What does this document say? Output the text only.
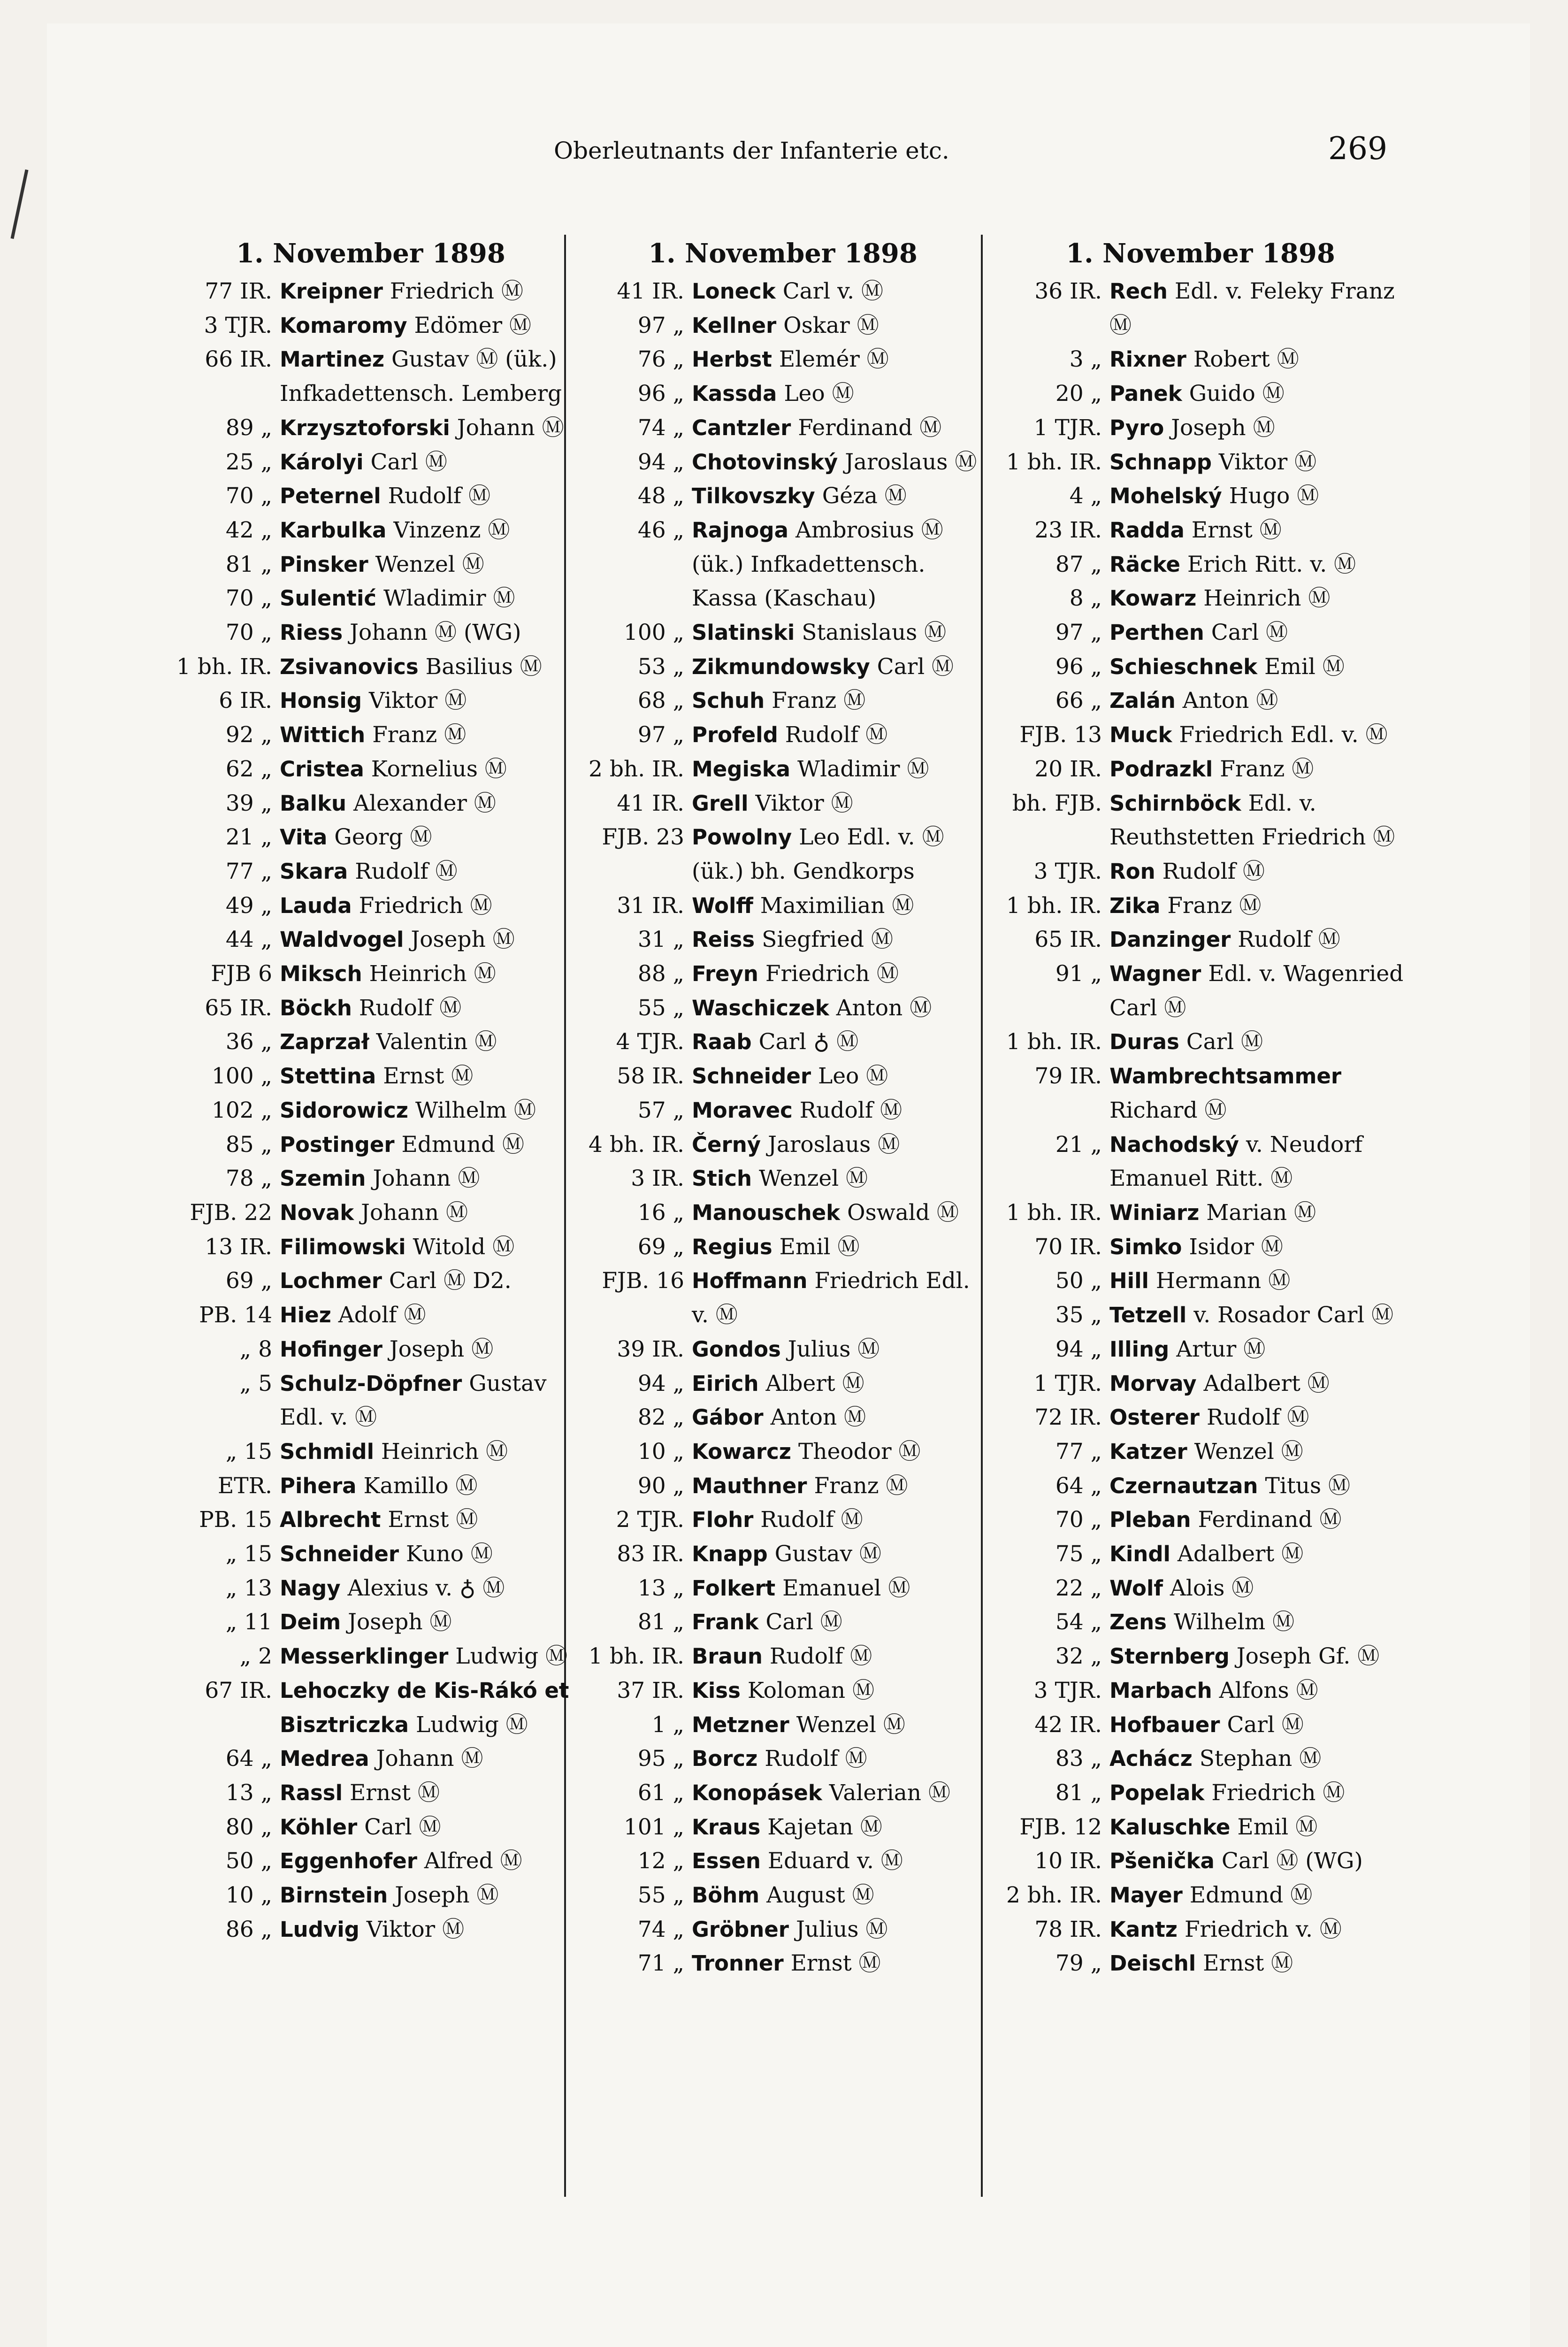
Oberleutnants der Infanterie etc.	269
1. November 1898
77 IR. Kreipner Friedrich Ⓜ
3 TJR. Komaromy Edömer Ⓜ
66 IR. Martinez Gustav Ⓜ (ük.) Infkadettensch. Lemberg
89 „ Krzysztoforski Johann Ⓜ
25 „ Károlyi Carl Ⓜ
70 „ Peternel Rudolf Ⓜ
42 „ Karbulka Vinzenz Ⓜ
81 „ Pinsker Wenzel Ⓜ
70 „ Sulentić Wladimir Ⓜ
70 „ Riess Johann Ⓜ (WG)
1 bh. IR. Zsivanovics Basilius Ⓜ
6 IR. Honsig Viktor Ⓜ
92 „ Wittich Franz Ⓜ
62 „ Cristea Kornelius Ⓜ
39 „ Balku Alexander Ⓜ
21 „ Vita Georg Ⓜ
77 „ Skara Rudolf Ⓜ
49 „ Lauda Friedrich Ⓜ
44 „ Waldvogel Joseph Ⓜ
FJB 6 Miksch Heinrich Ⓜ
65 IR. Böckh Rudolf Ⓜ
36 „ Zaprzał Valentin Ⓜ
100 „ Stettina Ernst Ⓜ
102 „ Sidorowicz Wilhelm Ⓜ
85 „ Postinger Edmund Ⓜ
78 „ Szemin Johann Ⓜ
FJB. 22 Novak Johann Ⓜ
13 IR. Filimowski Witold Ⓜ
69 „ Lochmer Carl Ⓜ D2.
PB. 14 Hiez Adolf Ⓜ
„ 8 Hofinger Joseph Ⓜ
„ 5 Schulz-Döpfner Gustav Edl. v. Ⓜ
„ 15 Schmidl Heinrich Ⓜ
ETR. Pihera Kamillo Ⓜ
PB. 15 Albrecht Ernst Ⓜ
„ 15 Schneider Kuno Ⓜ
„ 13 Nagy Alexius v. ♁ Ⓜ
„ 11 Deim Joseph Ⓜ
„ 2 Messerklinger Ludwig Ⓜ
67 IR. Lehoczky de Kis-Rákó et Bisztriczka Ludwig Ⓜ
64 „ Medrea Johann Ⓜ
13 „ Rassl Ernst Ⓜ
80 „ Köhler Carl Ⓜ
50 „ Eggenhofer Alfred Ⓜ
10 „ Birnstein Joseph Ⓜ
86 „ Ludvig Viktor Ⓜ
1. November 1898
41 IR. Loneck Carl v. Ⓜ
97 „ Kellner Oskar Ⓜ
76 „ Herbst Elemér Ⓜ
96 „ Kassda Leo Ⓜ
74 „ Cantzler Ferdinand Ⓜ
94 „ Chotovinský Jaroslaus Ⓜ
48 „ Tilkovszky Géza Ⓜ
46 „ Rajnoga Ambrosius Ⓜ (ük.) Infkadettensch. Kassa (Kaschau)
100 „ Slatinski Stanislaus Ⓜ
53 „ Zikmundowsky Carl Ⓜ
68 „ Schuh Franz Ⓜ
97 „ Profeld Rudolf Ⓜ
2 bh. IR. Megiska Wladimir Ⓜ
41 IR. Grell Viktor Ⓜ
FJB. 23 Powolny Leo Edl. v. Ⓜ (ük.) bh. Gendkorps
31 IR. Wolff Maximilian Ⓜ
31 „ Reiss Siegfried Ⓜ
88 „ Freyn Friedrich Ⓜ
55 „ Waschiczek Anton Ⓜ
4 TJR. Raab Carl ♁ Ⓜ
58 IR. Schneider Leo Ⓜ
57 „ Moravec Rudolf Ⓜ
4 bh. IR. Černý Jaroslaus Ⓜ
3 IR. Stich Wenzel Ⓜ
16 „ Manouschek Oswald Ⓜ
69 „ Regius Emil Ⓜ
FJB. 16 Hoffmann Friedrich Edl. v. Ⓜ
39 IR. Gondos Julius Ⓜ
94 „ Eirich Albert Ⓜ
82 „ Gábor Anton Ⓜ
10 „ Kowarcz Theodor Ⓜ
90 „ Mauthner Franz Ⓜ
2 TJR. Flohr Rudolf Ⓜ
83 IR. Knapp Gustav Ⓜ
13 „ Folkert Emanuel Ⓜ
81 „ Frank Carl Ⓜ
1 bh. IR. Braun Rudolf Ⓜ
37 IR. Kiss Koloman Ⓜ
1 „ Metzner Wenzel Ⓜ
95 „ Borcz Rudolf Ⓜ
61 „ Konopásek Valerian Ⓜ
101 „ Kraus Kajetan Ⓜ
12 „ Essen Eduard v. Ⓜ
55 „ Böhm August Ⓜ
74 „ Gröbner Julius Ⓜ
71 „ Tronner Ernst Ⓜ
1. November 1898
36 IR. Rech Edl. v. Feleky Franz Ⓜ
3 „ Rixner Robert Ⓜ
20 „ Panek Guido Ⓜ
1 TJR. Pyro Joseph Ⓜ
1 bh. IR. Schnapp Viktor Ⓜ
4 „ Mohelský Hugo Ⓜ
23 IR. Radda Ernst Ⓜ
87 „ Räcke Erich Ritt. v. Ⓜ
8 „ Kowarz Heinrich Ⓜ
97 „ Perthen Carl Ⓜ
96 „ Schieschnek Emil Ⓜ
66 „ Zalán Anton Ⓜ
FJB. 13 Muck Friedrich Edl. v. Ⓜ
20 IR. Podrazkl Franz Ⓜ
bh. FJB. Schirnböck Edl. v. Reuthstetten Friedrich Ⓜ
3 TJR. Ron Rudolf Ⓜ
1 bh. IR. Zika Franz Ⓜ
65 IR. Danzinger Rudolf Ⓜ
91 „ Wagner Edl. v. Wagenried Carl Ⓜ
1 bh. IR. Duras Carl Ⓜ
79 IR. Wambrechtsammer Richard Ⓜ
21 „ Nachodský v. Neudorf Emanuel Ritt. Ⓜ
1 bh. IR. Winiarz Marian Ⓜ
70 IR. Simko Isidor Ⓜ
50 „ Hill Hermann Ⓜ
35 „ Tetzell v. Rosador Carl Ⓜ
94 „ Illing Artur Ⓜ
1 TJR. Morvay Adalbert Ⓜ
72 IR. Osterer Rudolf Ⓜ
77 „ Katzer Wenzel Ⓜ
64 „ Czernautzan Titus Ⓜ
70 „ Pleban Ferdinand Ⓜ
75 „ Kindl Adalbert Ⓜ
22 „ Wolf Alois Ⓜ
54 „ Zens Wilhelm Ⓜ
32 „ Sternberg Joseph Gf. Ⓜ
3 TJR. Marbach Alfons Ⓜ
42 IR. Hofbauer Carl Ⓜ
83 „ Achácz Stephan Ⓜ
81 „ Popelak Friedrich Ⓜ
FJB. 12 Kaluschke Emil Ⓜ
10 IR. Pšenička Carl Ⓜ (WG)
2 bh. IR. Mayer Edmund Ⓜ
78 IR. Kantz Friedrich v. Ⓜ
79 „ Deischl Ernst Ⓜ
